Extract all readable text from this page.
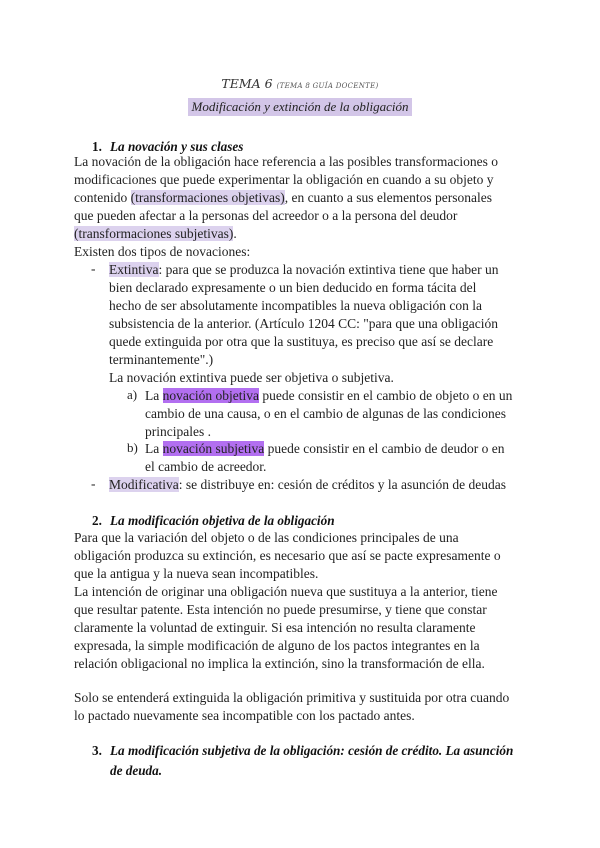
TEMA 6 (TEMA 8 GUÍA DOCENTE)
Modificación y extinción de la obligación
1. La novación y sus clases
La novación de la obligación hace referencia a las posibles transformaciones o
modificaciones que puede experimentar la obligación en cuando a su objeto y
contenido (transformaciones objetivas), en cuanto a sus elementos personales
que pueden afectar a la personas del acreedor o a la persona del deudor
(transformaciones subjetivas).
Existen dos tipos de novaciones:
- Extintiva: para que se produzca la novación extintiva tiene que haber un
bien declarado expresamente o un bien deducido en forma tácita del
hecho de ser absolutamente incompatibles la nueva obligación con la
subsistencia de la anterior. (Artículo 1204 CC: "para que una obligación
quede extinguida por otra que la sustituya, es preciso que así se declare
terminantemente".)
La novación extintiva puede ser objetiva o subjetiva.
a) La novación objetiva puede consistir en el cambio de objeto o en un
cambio de una causa, o en el cambio de algunas de las condiciones
principales .
b) La novación subjetiva puede consistir en el cambio de deudor o en
el cambio de acreedor.
- Modificativa: se distribuye en: cesión de créditos y la asunción de deudas
2. La modificación objetiva de la obligación
Para que la variación del objeto o de las condiciones principales de una
obligación produzca su extinción, es necesario que así se pacte expresamente o
que la antigua y la nueva sean incompatibles.
La intención de originar una obligación nueva que sustituya a la anterior, tiene
que resultar patente. Esta intención no puede presumirse, y tiene que constar
claramente la voluntad de extinguir. Si esa intención no resulta claramente
expresada, la simple modificación de alguno de los pactos integrantes en la
relación obligacional no implica la extinción, sino la transformación de ella.
Solo se entenderá extinguida la obligación primitiva y sustituida por otra cuando
lo pactado nuevamente sea incompatible con los pactado antes.
3. La modificación subjetiva de la obligación: cesión de crédito. La asunción
de deuda.
